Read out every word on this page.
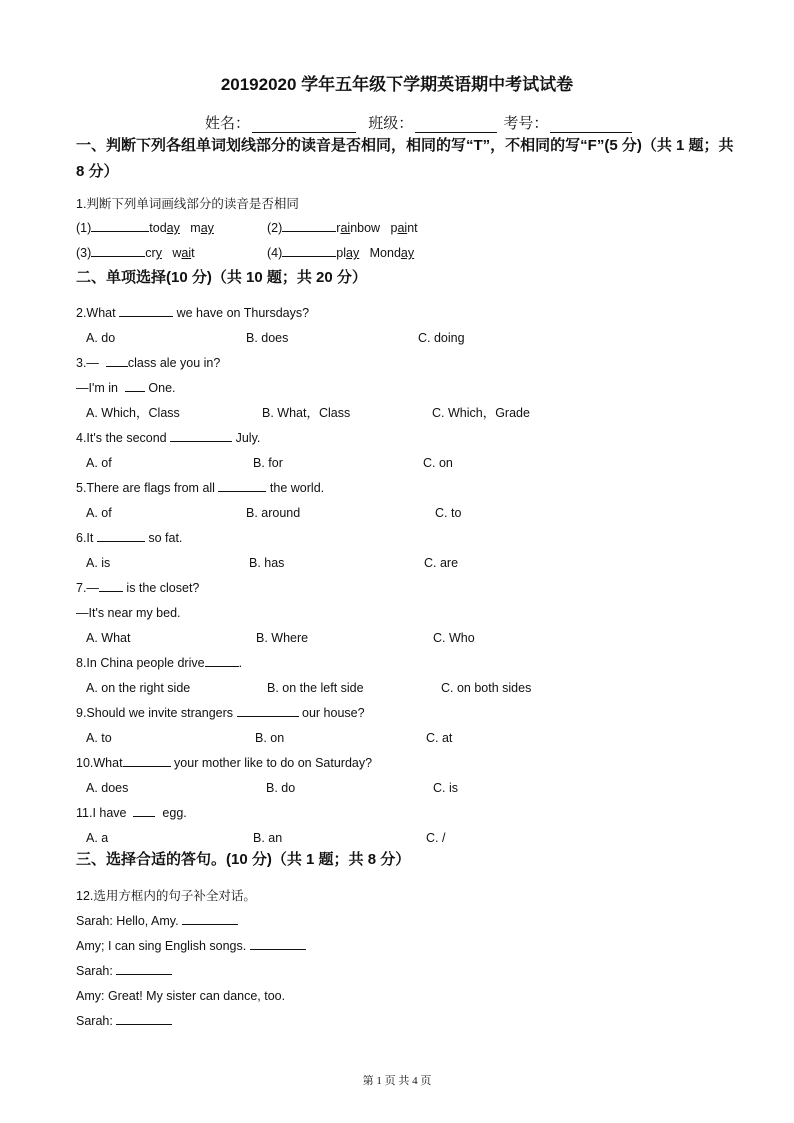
20192020 学年五年级下学期英语期中考试试卷
姓名：	班级：	考号：
一、判断下列各组单词划线部分的读音是否相同，相同的写“T”，不相同的写“F”(5 分)（共 1 题；共 8 分）
1.判断下列单词画线部分的读音是否相同
(1)	today may	(2)	rainbow paint
(3)	cry wait	(4)	play Monday
二、单项选择(10 分)（共 10 题；共 20 分）
2.What	we have on Thursdays?
A. do	B. does	C. doing
3.— class ale you in?
—I'm in One.
A. Which，Class	B. What，Class	C. Which，Grade
4.It's the second	July.
A. of	B. for	C. on
5.There are flags from all	the world.
A. of	B. around	C. to
6.It	so fat.
A. is	B. has	C. are
7.— is the closet?
—It's near my bed.
A. What	B. Where	C. Who
8.In China people drive	.
A. on the right side	B. on the left side	C. on both sides
9.Should we invite strangers	our house?
A. to	B. on	C. at
10.What	your mother like to do on Saturday?
A. does	B. do	C. is
11.I have	egg.
A. a	B. an	C. /
三、选择合适的答句。(10 分)（共 1 题；共 8 分）
12.选用方框内的句子补全对话。
Sarah: Hello, Amy.
Amy; I can sing English songs.
Sarah:
Amy: Great! My sister can dance, too.
Sarah:
第 1 页 共 4 页
